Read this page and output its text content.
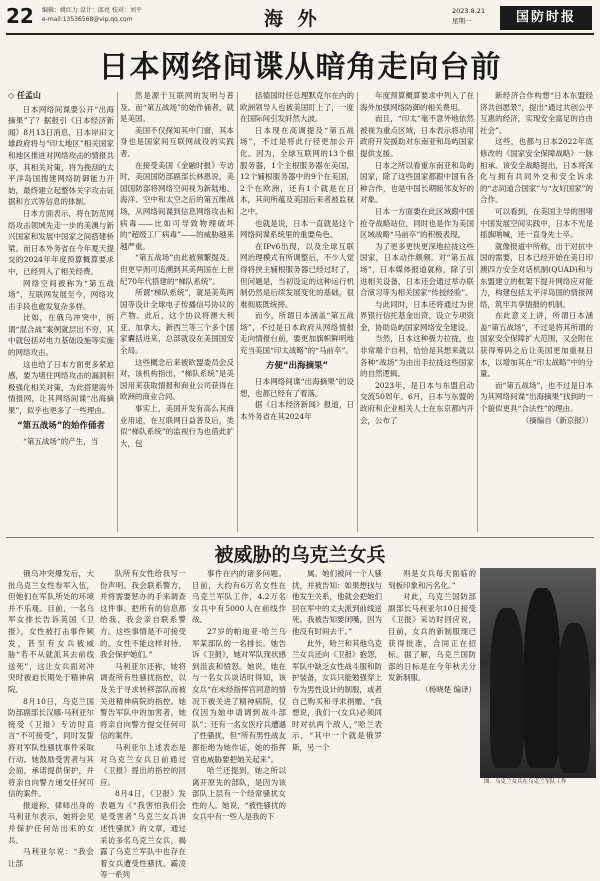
22 编辑：姚红力 设计：邱亮 校对：刘平
e-mail:13536568@vip.qq.com	海 外	2023.8.21
星期一	国防时报
日本网络间谍从暗角走向台前

◇ 任孟山

日本网络间谍要公开“出海摘果”了？据报引《日本经济新闻》8月13日消息，日本岸田文雄政府将与“印太地区”相关国家和地区推进对网络攻击的情报共享，其相关对策，将为挽刮的太平洋岛国搜建网络防御能力开始，最终建立起整体关字攻击证据和方式等信息的体制。

日本方面表示，将在防范网络攻击领域先走一步的美澳与新兴国家和发展中国家之间搭建桥梁。而日本外务省在今年夏天提交的2024年年度预算概算要求中，已经列入了相关经费。

网络空间被称为“第五战场”，互联网发展至今，网络攻击手段也愈发复杂多样。

比如，在俄乌冲突中，所谓“混合战”案例就层出不穷，其中就包括对电力基础设施等实施的网络攻击。

这也给了日本方面更多紧迫感，要为堵住网络攻击的漏洞积极强化相关对策，为此搭建海外情报网，让其网络间谍“出海摘果”，似乎也更多了一些理由。

“第五战场”的始作俑者

“第五战场”的产生，当

然是源于互联网的发明与普及。而“第五战场”的始作俑者，就是美国。

美国不仅探知其中门窗，其本身也是国家间互联网战役的实践者。

在接受美国《金融时报》专访时，美国国防部副部长林恩说，美国国防部将网络空间视为新陆地、海洋、空中和太空之后的第五维战场，从网络间谍到信息网络攻击和病毒——比如可导致物理破坏的“超级工厂病毒”——的威胁越来越严重。

“第五战场”由此被频繁提及。但更早则可追溯到其美两国在上世纪70年代搭建的“梯队系统”。

所谓“梯队系统”，就是美英两国等设计全球电子传播信号协议的产物。此后，这个协议将澳大利亚、加拿大、新西兰等三个多个国家囊括进来，总部就设在美国国安全局。

这些概念后来被欧盟委员会反对，该机构指出，“梯队系统”是美国用来获取情报和商业公司获得在欧洲的商业合同。

事实上，美国开发有高么其商业用途，在互联网日益普及后，类似“梯队系统”的监视行为也借此扩大，包

括德国时任总理默克尔在内的欧洲领导人也被美国盯上了，一度在国际间引发轩然大波。

日本现在高调提及“第五战场”，不过是将此行径更加公开化。因为，全球互联网的13个根服务器，1个主根服务器在美国，12个辅根服务器中的9个在美国，2个在欧洲，还有1个就是在日本，其间所蕴及美国后来者被监视之中。

也就是说，日本一直就是这个网络间谍系统里的重要角色。

在IPv6出现，以及全球互联网治理模式有所调整后，不少人觉得将挟主辅根服务器已经过时了，但问题是，当初设定的这种运行机制仍然是后续发展变化的基础，很难彻底既统摔。

而今，所谓日本涵盖“第五战场”，不过是日本政府从网络情报走向情报台前，要更加旗帜鲜明地充当美国“印太战略”的“马前卒”。

方便“出海摘果”

日本网络间谍“出海摘果”的设想，也都已经有了着落。

据《日本经济新闻》报道，日本外务省在其2024年

年度预算概算要求中列入了在海外加强网络防御的相关费用。

而且，“印太”毫不意外地依然被视为重点区域，日本表示将动用政府开发援助对东南亚和岛屿国家提供支援。

日本之所以看重东南亚和岛屿国家，除了这些国家都跟中国有各种合作，也是中国长期睦邻友好的对象。

日本一方面要在此区域跟中国抢夺战略站位，同时也是作为美国区域战略“马前卒”的积极表现。

为了更多更快更深地拉拢这些国家，日本动作颇频。对“第五战场”，日本媒体报道就称，除了引进相关设备，日本还会通过举办联合演习等为相关国家“传授经验”。

与此同时，日本还将通过为世界银行信托基金出资，设立专项资金，协助岛屿国家网络安全建设。

当然，日本这种极力拉拢，也非常端个自利，恰恰是其想来就以各种“战场”为由出手拉拢这些国家的自然逻辑。

2023年，是日本与东盟启动交流50周年。6月，日本与东盟的政府和企业相关人士在东京都内开会，公布了

新经济合作构想“日本东盟经济共创愿景”，提出“通过共创公平互惠的经济，实现安全富足的自由社会”。

这些，也都与日本2022年底修改的《国家安全保障战略》一脉相承。该安全战略提出，日本将深化与拥有共同外交和安全诉求的“志同道合国家”与“友好国家”的合作。

可以看到，在美国主导的围堵中国发展空间实践中，日本不光是摇旗呐喊，还一直身先士卒。

就像报道中所称，出于对抗中国的需要，日本已经开始在美日印澳四方安全对话机制(QUAD)和与东盟建立的框架下提升网络应对能力，构建包括太平洋岛国的情报网络，筑牢共享情报的机制。

在此意义上讲，所谓日本涵盖“第五战场”，不过是将其所谓的国家安全保障扩大范围，又会附在获得筹码之后让美国更加重视日本，以增加其在“印太战略”中的分量。

而“第五战场”，也不过是日本为其网络间谍“出海摘果”找到的一个貌似更具“合法性”的理由。

（摘编自《新京报》）

被威胁的乌克兰女兵

俄乌冲突爆发后，大批乌克兰女性参军入伍，但她们在军队所处的环境并不乐观。目前，一名乌军女排长告诉英国《卫报》，女性被打击事件频发，甚至有女兵被威胁“若不从就派其去前线送死”，这让女兵面对冲突时被迫长期处于精神病院。

8月10日，乌克兰国防部副部长汉娜·马利亚尔接受《卫报》专访时直言“不可接受”，同时发誓将对军队性骚扰事件采取行动。她鼓励受害者与其会面，承诺提供保护，并将亲自向警方递交任何可信的案件。

报道称，律师出身的马利亚尔表示，她将会见并保护任何站出来的女兵。

马利亚尔说：“我会让部

队所有女性给我写一份声明。我会联系警方，并将需要惩办的手来调查这件事。把所有的信息都给我，我会亲自联系警方。这些事情是不可接受的。女性不能这样对待。我会保护她们。”

马利亚尔还称，她将调查所有性骚扰指控，以及关于寻求转移部队而被关进精神病院的指控。她警告军队中的加害者，她将亲自向警方提交任何可信的案件。

马利亚尔上述表态是对乌克兰女兵日前通过《卫报》提出的指控的回应。

8月4日，《卫报》发表题为《“我害怕我们会是受害者”乌克兰女兵讲述性骚扰》的文章，通过采访多名乌克兰女兵，揭露了乌克兰军队中也存在着女兵遭受性骚扰、霸凌等一系列

事件在内的诸多问题。目前，大约有6万名女性在乌克兰军队工作，4.2万名女兵中有5000人在前线作战。

27岁的帕迪亚·哈兰乌军某部队的一名排长。她告诉《卫报》，她对军队现状感到沮丧和愤怒。她说，她在与一名女兵谈话时得知，该女兵“在未经指挥官同意的情况下被关进了精神病院，仅仅因为她申请调到战斗部队”；还有一名女医疗兵遭遇了性骚扰，但“所有男性战友都拒绝为她作证，她的指挥官也威胁要把她关起来”。

哈兰还提到，她之所以离开原先的部队，是因为该部队上层有一个经常骚扰女性的人。她说，“被性骚扰的女兵中有一些人是我的下

属。她们被问一个人骚扰，并被告知：如果想找与他发生关系，他就会把她们回在军中的丈夫派到前线送死。我被告知要闭嘴，因为他没有时间去干。”

此外，哈兰和其他乌克兰女兵还向《卫报》抱怨，军队中缺乏女性战斗服和防护装备，女兵只能勉强穿上专为男性设计的制服，或者自己购买和寻求捐赠。“我想说，我们一(女兵)必须同时对抗两个敌人，”哈兰表示，“其中一个就是俄罗斯，另一个

则是女兵每天面临的刻板印象和污名化。”

对此，乌克兰国防部副部长马利亚尔10日接受《卫报》采访时回应说，目前，女兵的新制服现已获得批准，合同正在招标。据了解，乌克兰国防部的日标是在今年秋天分发新制服。

（杨晓楚 编译）

图：乌克兰女兵在乌克兰军队工作
